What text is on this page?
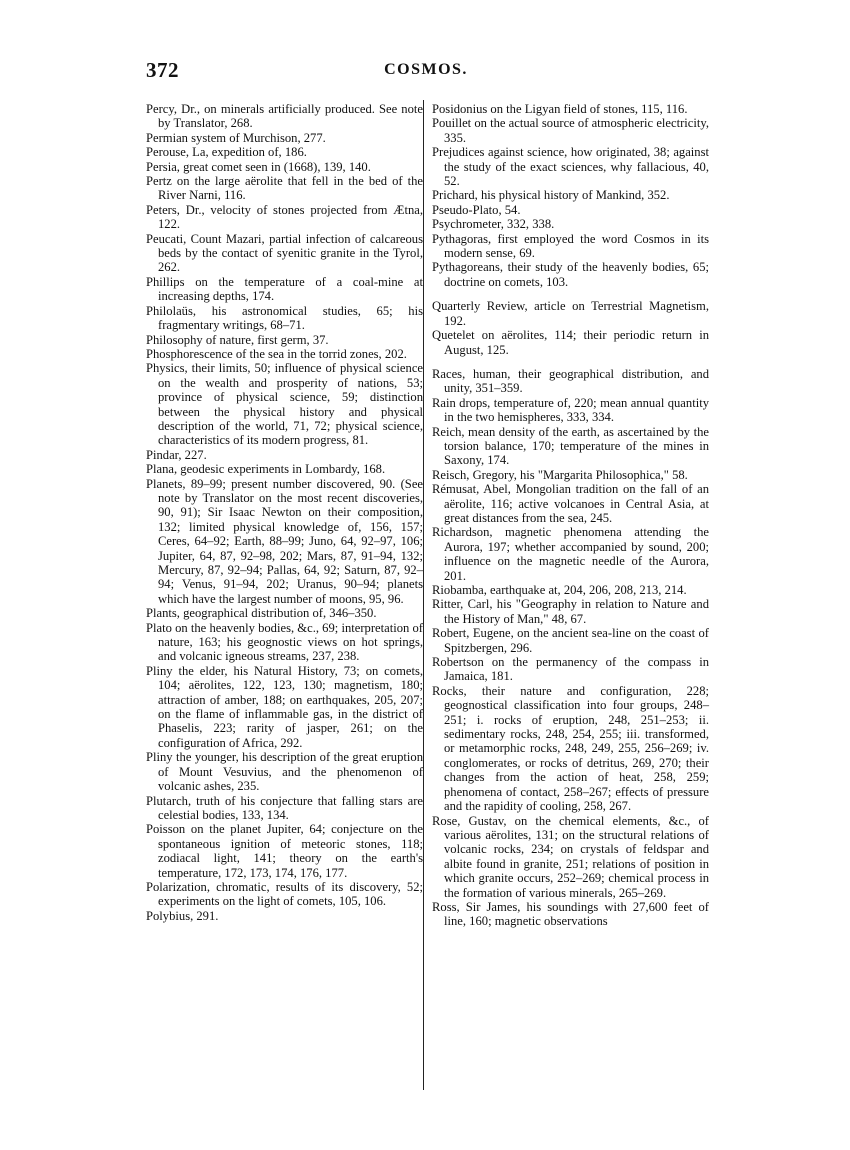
372	COSMOS.

Percy, Dr., on minerals artificially produced. See note by Translator, 268.

Permian system of Murchison, 277.

Perouse, La, expedition of, 186.

Persia, great comet seen in (1668), 139, 140.

Pertz on the large aërolite that fell in the bed of the River Narni, 116.

Peters, Dr., velocity of stones projected from Ætna, 122.

Peucati, Count Mazari, partial infection of calcareous beds by the contact of syenitic granite in the Tyrol, 262.

Phillips on the temperature of a coal-mine at increasing depths, 174.

Philolaüs, his astronomical studies, 65; his fragmentary writings, 68–71.

Philosophy of nature, first germ, 37.

Phosphorescence of the sea in the torrid zones, 202.

Physics, their limits, 50; influence of physical science on the wealth and prosperity of nations, 53; province of physical science, 59; distinction between the physical history and physical description of the world, 71, 72; physical science, characteristics of its modern progress, 81.

Pindar, 227.

Plana, geodesic experiments in Lombardy, 168.

Planets, 89–99; present number discovered, 90. (See note by Translator on the most recent discoveries, 90, 91); Sir Isaac Newton on their composition, 132; limited physical knowledge of, 156, 157; Ceres, 64–92; Earth, 88–99; Juno, 64, 92–97, 106; Jupiter, 64, 87, 92–98, 202; Mars, 87, 91–94, 132; Mercury, 87, 92–94; Pallas, 64, 92; Saturn, 87, 92–94; Venus, 91–94, 202; Uranus, 90–94; planets which have the largest number of moons, 95, 96.

Plants, geographical distribution of, 346–350.

Plato on the heavenly bodies, &c., 69; interpretation of nature, 163; his geognostic views on hot springs, and volcanic igneous streams, 237, 238.

Pliny the elder, his Natural History, 73; on comets, 104; aërolites, 122, 123, 130; magnetism, 180; attraction of amber, 188; on earthquakes, 205, 207; on the flame of inflammable gas, in the district of Phaselis, 223; rarity of jasper, 261; on the configuration of Africa, 292.

Pliny the younger, his description of the great eruption of Mount Vesuvius, and the phenomenon of volcanic ashes, 235.

Plutarch, truth of his conjecture that falling stars are celestial bodies, 133, 134.

Poisson on the planet Jupiter, 64; conjecture on the spontaneous ignition of meteoric stones, 118; zodiacal light, 141; theory on the earth's temperature, 172, 173, 174, 176, 177.

Polarization, chromatic, results of its discovery, 52; experiments on the light of comets, 105, 106.

Polybius, 291.

Posidonius on the Ligyan field of stones, 115, 116.

Pouillet on the actual source of atmospheric electricity, 335.

Prejudices against science, how originated, 38; against the study of the exact sciences, why fallacious, 40, 52.

Prichard, his physical history of Mankind, 352.

Pseudo-Plato, 54.

Psychrometer, 332, 338.

Pythagoras, first employed the word Cosmos in its modern sense, 69.

Pythagoreans, their study of the heavenly bodies, 65; doctrine on comets, 103.

Quarterly Review, article on Terrestrial Magnetism, 192.

Quetelet on aërolites, 114; their periodic return in August, 125.

Races, human, their geographical distribution, and unity, 351–359.

Rain drops, temperature of, 220; mean annual quantity in the two hemispheres, 333, 334.

Reich, mean density of the earth, as ascertained by the torsion balance, 170; temperature of the mines in Saxony, 174.

Reisch, Gregory, his "Margarita Philosophica," 58.

Rémusat, Abel, Mongolian tradition on the fall of an aërolite, 116; active volcanoes in Central Asia, at great distances from the sea, 245.

Richardson, magnetic phenomena attending the Aurora, 197; whether accompanied by sound, 200; influence on the magnetic needle of the Aurora, 201.

Riobamba, earthquake at, 204, 206, 208, 213, 214.

Ritter, Carl, his "Geography in relation to Nature and the History of Man," 48, 67.

Robert, Eugene, on the ancient sea-line on the coast of Spitzbergen, 296.

Robertson on the permanency of the compass in Jamaica, 181.

Rocks, their nature and configuration, 228; geognostical classification into four groups, 248–251; i. rocks of eruption, 248, 251–253; ii. sedimentary rocks, 248, 254, 255; iii. transformed, or metamorphic rocks, 248, 249, 255, 256–269; iv. conglomerates, or rocks of detritus, 269, 270; their changes from the action of heat, 258, 259; phenomena of contact, 258–267; effects of pressure and the rapidity of cooling, 258, 267.

Rose, Gustav, on the chemical elements, &c., of various aërolites, 131; on the structural relations of volcanic rocks, 234; on crystals of feldspar and albite found in granite, 251; relations of position in which granite occurs, 252–269; chemical process in the formation of various minerals, 265–269.

Ross, Sir James, his soundings with 27,600 feet of line, 160; magnetic observations
